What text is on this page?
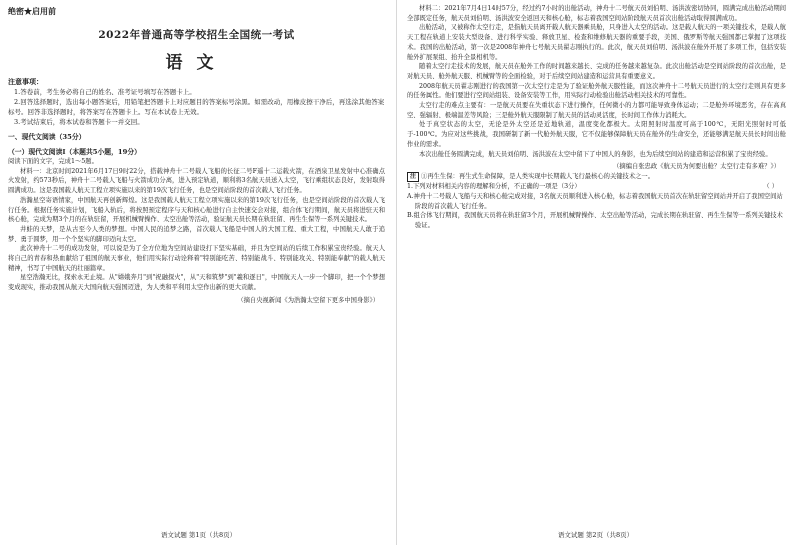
绝密★启用前
2022年普通高等学校招生全国统一考试
语文
注意事项：

1.答卷前，考生务必将自己的姓名、准考证号填写在答题卡上。

2.回答选择题时，选出每小题答案后，用铅笔把答题卡上对应题目的答案标号涂黑。如需改动，用橡皮擦干净后，再选涂其他答案标号。回答非选择题时，将答案写在答题卡上。写在本试卷上无效。

3.考试结束后，将本试卷和答题卡一并交回。

一、现代文阅读（35分）
（一）现代文阅读Ⅰ（本题共5小题，19分）

阅读下面的文字，完成1～5题。

材料一：北京时间2021年6月17日9时22分，搭载神舟十二号载人飞船的长征二号F遥十二运载火箭，在酒泉卫星发射中心准确点火发射，约573秒后，神舟十二号载人飞船与火箭成功分离，进入预定轨道，顺利将3名航天员送入太空，飞行乘组状态良好，发射取得圆满成功。这是我国载人航天工程立项实施以来的第19次飞行任务，也是空间站阶段的首次载人飞行任务。

浩瀚星空寄语情家，中国航天再创新辉煌。这是我国载人航天工程立项实施以来的第19次飞行任务，也是空间站阶段的首次载人飞行任务。根据任务实施计划，飞船入轨后，将按照预定程序与天和核心舱进行自主快速交会对接，组合体飞行期间，航天员将进驻天和核心舱，完成为期3个月的在轨驻留，开展机械臂操作、太空出舱等活动，验证航天员长期在轨驻留、再生生保等一系列关键技术。

井蛙的天梦，是从古至今人类的梦想。中国人民的追梦之路，首次载人飞船是中国人的大国工程、重大工程，中国航天人敢于追梦、勇于圆梦，用一个个坚实的脚印迈向太空。

此次神舟十二号的成功发射，可以说是为了全方位地为空间站建设打下坚实基础，并且为空间站的后续工作积累宝贵经验。航天人将自己的青春和热血献给了祖国的航天事业，他们用实际行动诠释着"特别能吃苦、特别能战斗、特别能攻关、特别能奉献"的载人航天精神，书写了中国航天的壮丽篇章。

星空浩瀚无比，探索永无止境。从"嫦娥奔月"到"祝融探火"，从"天和筑梦"到"羲和逐日"，中国航天人一步一个脚印，把一个个梦想变成现实，推动我国从航天大国向航天强国迈进，为人类和平利用太空作出新的更大贡献。

（摘自央视新闻《为浩瀚太空留下更多中国身影》）
语文试题 第1页（共8页）

材料二：2021年7月4日14时57分，经过约7小时的出舱活动，神舟十二号航天员刘伯明、汤洪波密切协同，圆满完成出舱活动期间全部既定任务，航天员刘伯明、汤洪波安全返回天和核心舱，标志着我国空间站阶段航天员首次出舱活动取得圆满成功。

出舱活动，又被称作太空行走，是指航天员离开载人航天器乘员舱，只身进入太空的活动。这是载人航天的一项关键技术，是载人航天工程在轨道上安装大型设备、进行科学实验、释放卫星、检查和维修航天器的重要手段，美国、俄罗斯等航天强国都已掌握了这项技术。我国的出舱活动，第一次是2008年神舟七号航天员翟志刚执行的。此次，航天员刘伯明、汤洪波在舱外开展了多项工作，包括安装舱外扩展泵组、抬升全景相机等。

随着太空行走技术的发展，航天员在舱外工作的时间越来越长、完成的任务越来越复杂。此次出舱活动是空间站阶段的首次出舱，是对航天员、舱外航天服、机械臂等的全面检验，对于后续空间站建造和运营具有重要意义。

2008年航天员翟志刚进行的我国第一次太空行走是为了验证舱外航天服性能，而这次神舟十二号航天员进行的太空行走则具有更多的任务属性。他们要进行空间站组装、设备安装等工作，用实际行动检验出舱活动相关技术的可靠性。

太空行走的难点主要有：一是航天员要在失重状态下进行操作，任何微小的力都可能导致身体运动；二是舱外环境恶劣，存在高真空、强辐射、极端温差等风险；三是舱外航天服限制了航天员的活动灵活度，长时间工作体力消耗大。

处于真空状态的太空，无论是外太空还是近地轨道，温度变化都极大。太阳照射时温度可高于100℃，无阳光照射时可低于-100℃。为应对这些挑战，我国研制了新一代舱外航天服，它不仅能够保障航天员在舱外的生命安全，还能够满足航天员长时间出舱作业的需求。

本次出舱任务圆满完成，航天员刘伯明、汤洪波在太空中留下了中国人的身影，也为后续空间站的建造和运营积累了宝贵经验。

（摘编自张忠政《航天员为何要出舱？太空行走有多难？》）

注 ①再生生保：再生式生命保障，是人类实现中长期载人飞行最核心的关键技术之一。

1.下列对材料相关内容的理解和分析，不正确的一项是（3分）	（ ）

A.神舟十二号载人飞船与天和核心舱完成对接，3名航天员顺利进入核心舱，标志着我国航天员首次在轨驻留空间站并开启了我国空间站阶段的首次载人飞行任务。

B.组合体飞行期间，我国航天员将在轨驻留3个月，开展机械臂操作、太空出舱等活动，完成长期在轨驻留、再生生保等一系列关键技术验证。

语文试题 第2页（共8页）
